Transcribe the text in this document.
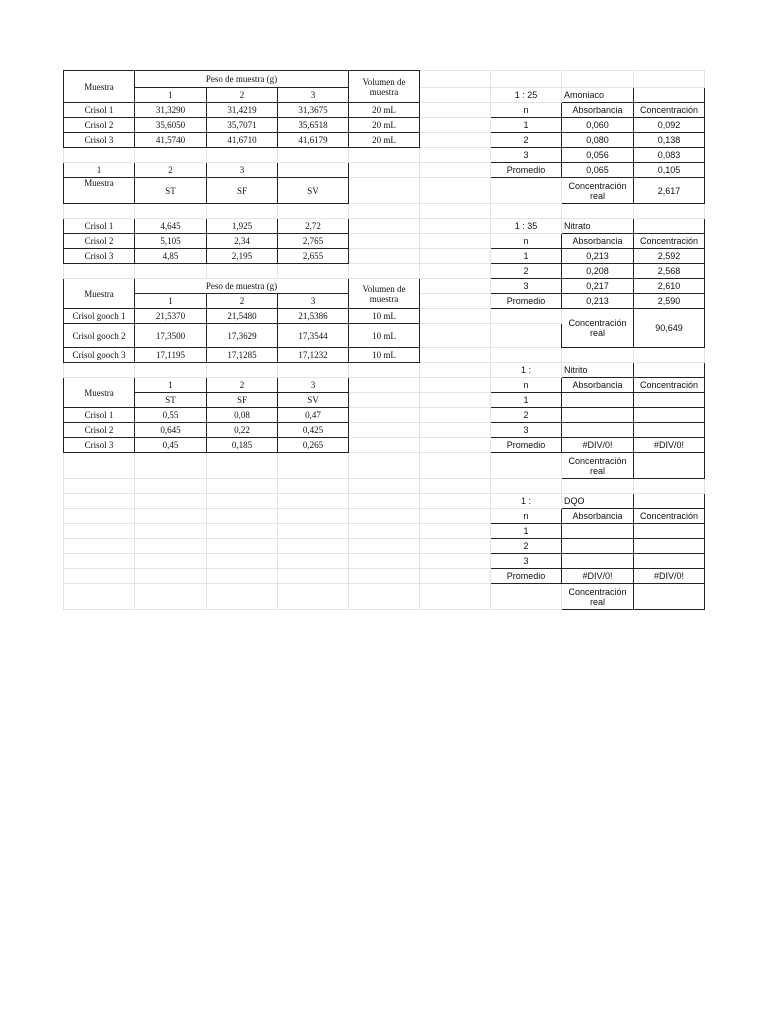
Muestra	Peso de muestra (g)			Volumen de muestra				
	1	2	3			1 : 25	Amoniaco	
Crisol 1	31,3290	31,4219	31,3675	20 mL		n	Absorbancia	Concentración
Crisol 2	35,6050	35,7071	35,6518	20 mL		1	0,060	0,092
Crisol 3	41,5740	41,6710	41,6179	20 mL		2	0,080	0,138
						3	0,056	0,083
1	2	3				Promedio	0,065	0,105
Muestra	ST	SF	SV				Concentración real	2,617

Crisol 1	4,645	1,925	2,72			1 : 35	Nitrato	
Crisol 2	5,105	2,34	2,765			n	Absorbancia	Concentración
Crisol 3	4,85	2,195	2,655			1	0,213	2,592
						2	0,208	2,568
Muestra	Peso de muestra (g)			Volumen de muestra		3	0,217	2,610
	1	2	3			Promedio	0,213	2,590
Crisol gooch 1	21,5370	21,5480	21,5386	10 mL			Concentración real	90,649
Crisol gooch 2	17,3500	17,3629	17,3544	10 mL				
Crisol gooch 3	17,1195	17,1285	17,1232	10 mL				
						1 :	Nitrito	
Muestra	1	2	3			n	Absorbancia	Concentración
	ST	SF	SV			1		
Crisol 1	0,55	0,08	0,47			2		
Crisol 2	0,645	0,22	0,425			3		
Crisol 3	0,45	0,185	0,265			Promedio	#DIV/0!	#DIV/0!
							Concentración real	

						1 :	DQO	
						n	Absorbancia	Concentración
						1		
						2		
						3		
						Promedio	#DIV/0!	#DIV/0!
							Concentración real	
